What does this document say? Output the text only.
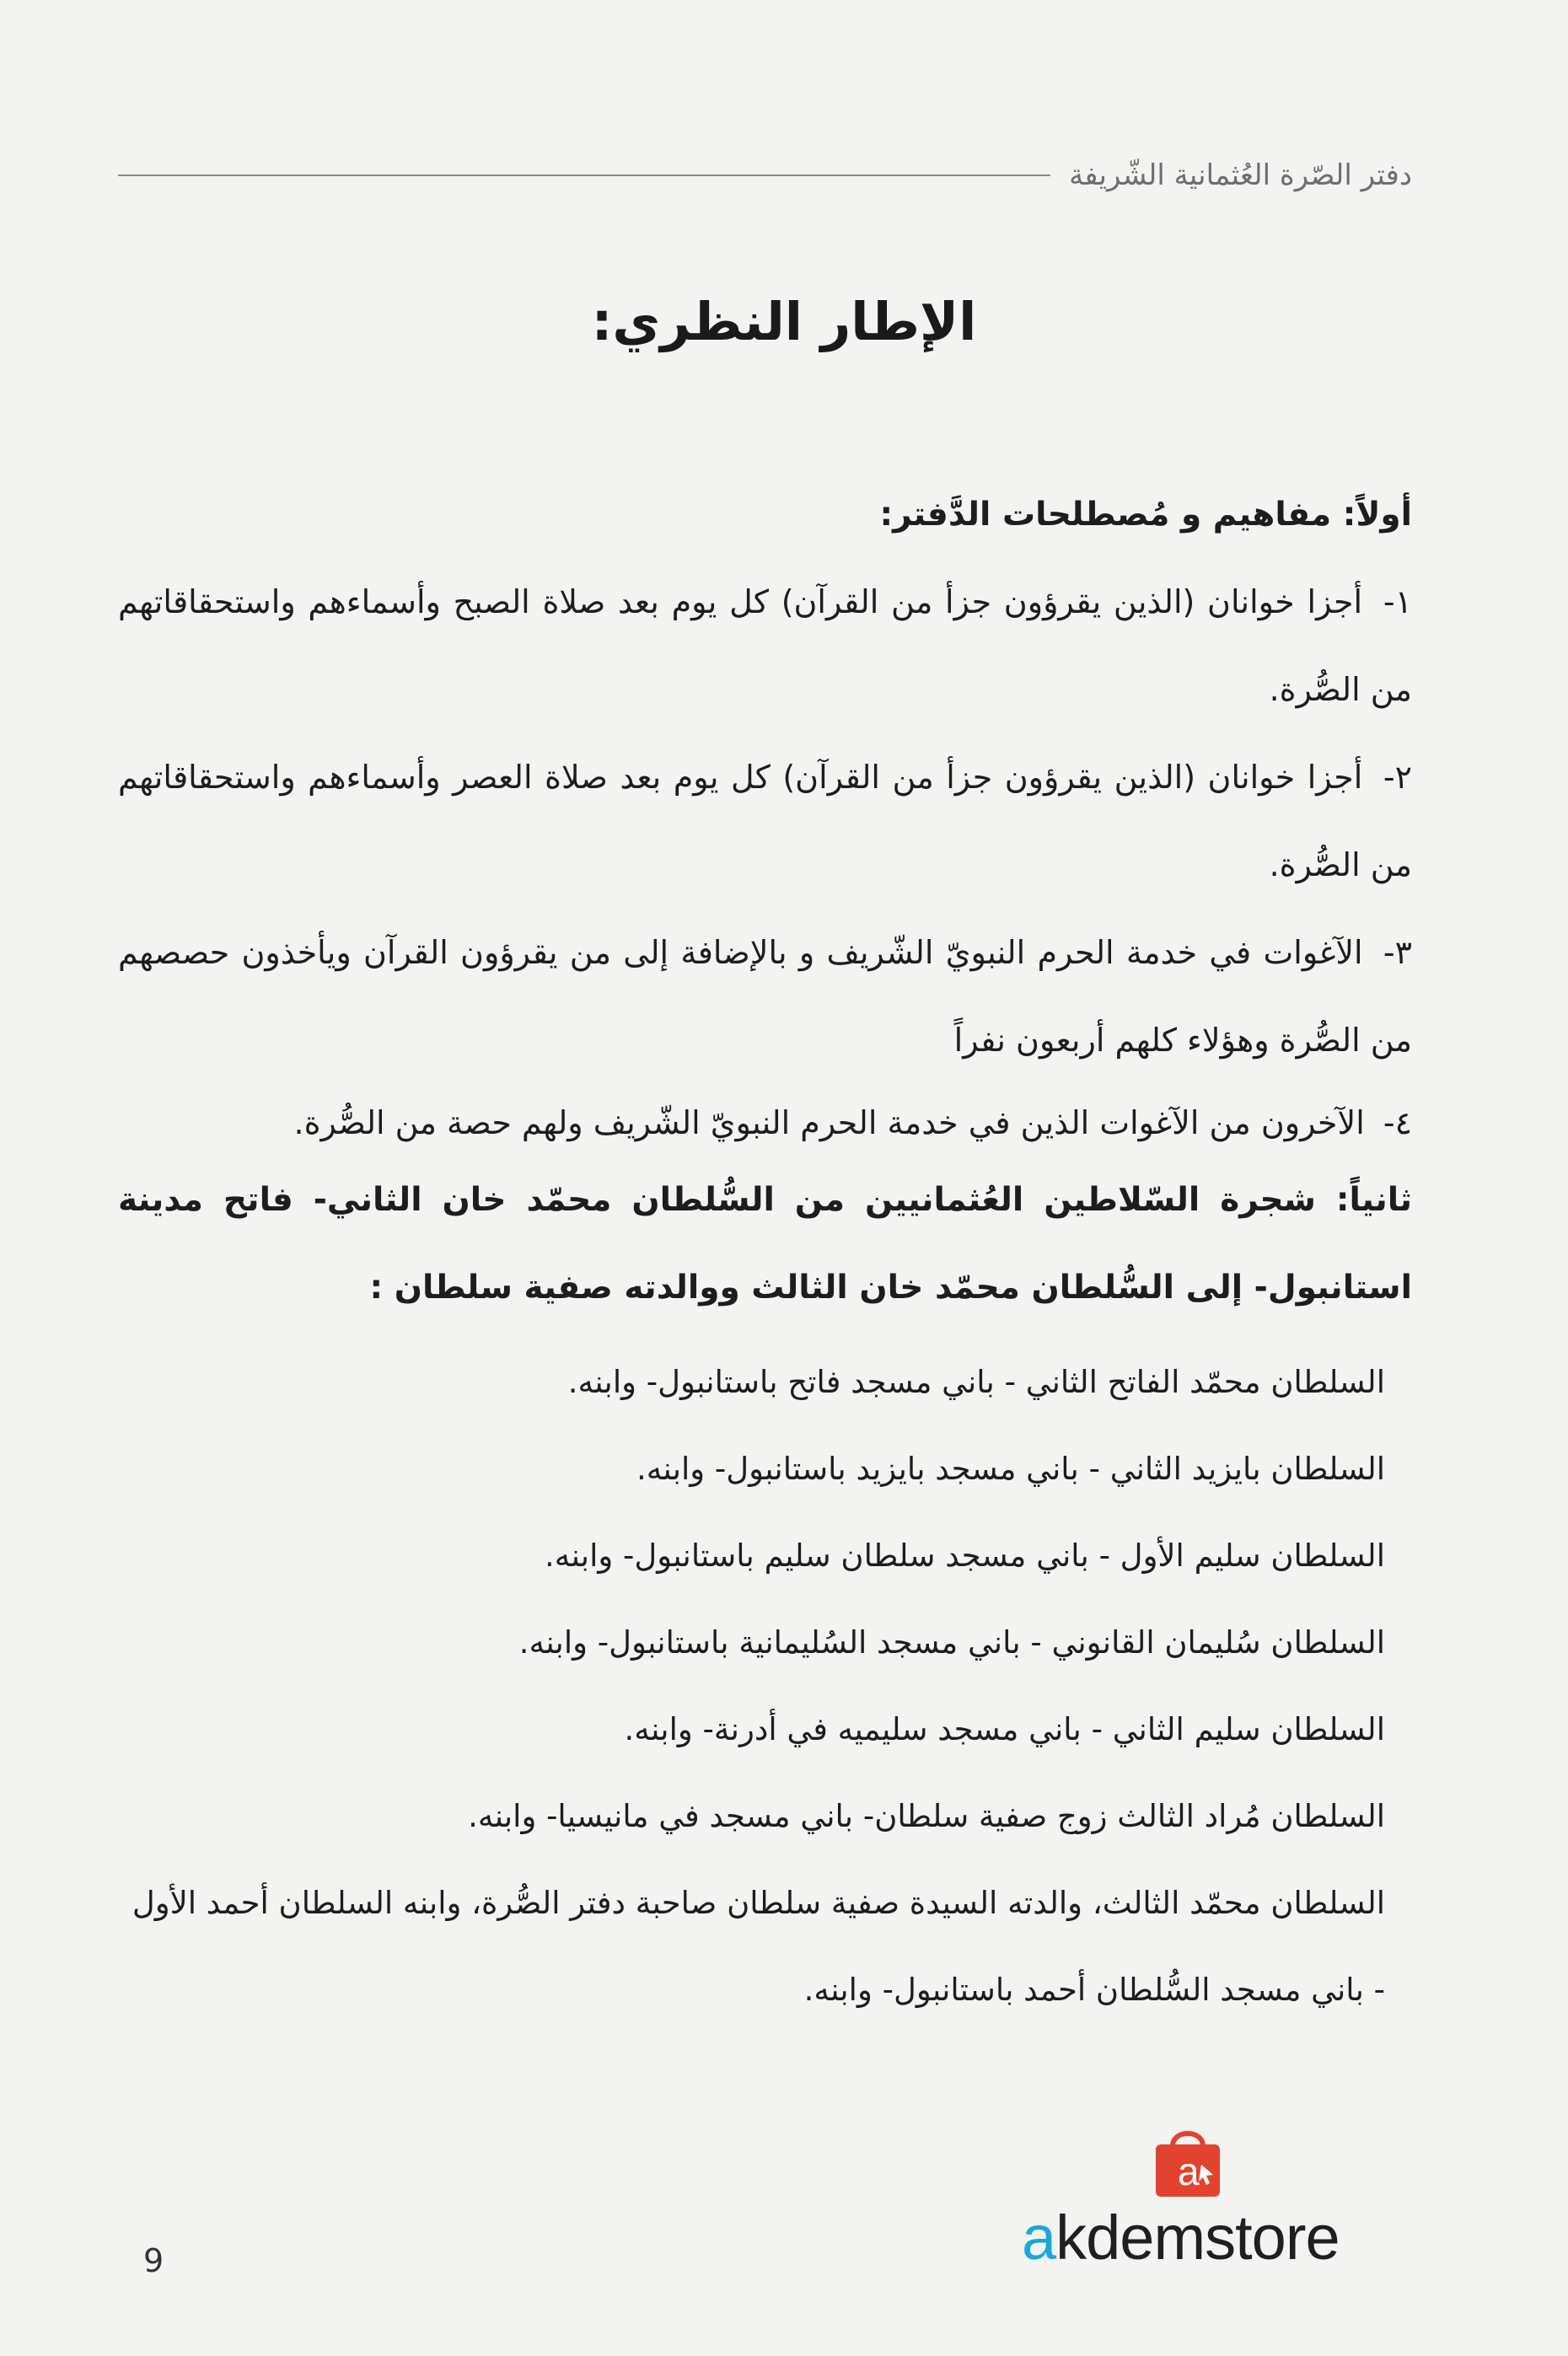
دفتر الصّرة العُثمانية الشّريفة
الإطار النظري:

أولاً: مفاهيم و مُصطلحات الدَّفتر:

١- أجزا خوانان (الذين يقرؤون جزأ من القرآن) كل يوم بعد صلاة الصبح وأسماءهم واستحقاقاتهم من الصُّرة.

٢- أجزا خوانان (الذين يقرؤون جزأ من القرآن) كل يوم بعد صلاة العصر وأسماءهم واستحقاقاتهم من الصُّرة.

٣- الآغوات في خدمة الحرم النبويّ الشّريف و بالإضافة إلى من يقرؤون القرآن ويأخذون حصصهم من الصُّرة وهؤلاء كلهم أربعون نفراً

٤- الآخرون من الآغوات الذين في خدمة الحرم النبويّ الشّريف ولهم حصة من الصُّرة.

ثانياً: شجرة السّلاطين العُثمانيين من السُّلطان محمّد خان الثاني- فاتح مدينة استانبول- إلى السُّلطان محمّد خان الثالث ووالدته صفية سلطان :

السلطان محمّد الفاتح الثاني - باني مسجد فاتح باستانبول- وابنه.

السلطان بايزيد الثاني - باني مسجد بايزيد باستانبول- وابنه.

السلطان سليم الأول - باني مسجد سلطان سليم باستانبول- وابنه.

السلطان سُليمان القانوني - باني مسجد السُليمانية باستانبول- وابنه.

السلطان سليم الثاني - باني مسجد سليميه في أدرنة- وابنه.

السلطان مُراد الثالث زوج صفية سلطان- باني مسجد في مانيسيا- وابنه.

السلطان محمّد الثالث، والدته السيدة صفية سلطان صاحبة دفتر الصُّرة، وابنه السلطان أحمد الأول - باني مسجد السُّلطان أحمد باستانبول- وابنه.

9
a
akdemstore
